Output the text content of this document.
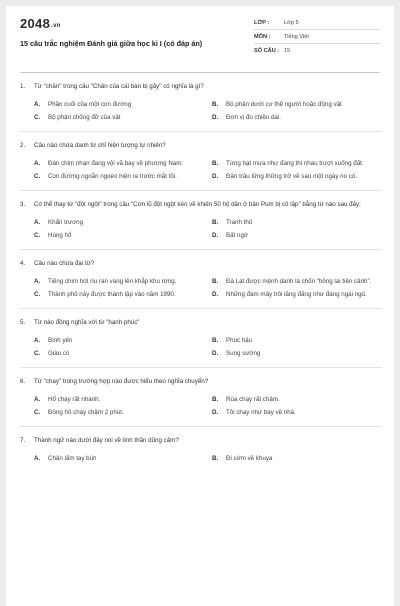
2048.vn
15 câu trắc nghiệm Đánh giá giữa học kì I (có đáp án)
LỚP :	Lớp 5
MÔN :	Tiếng Việt
SỐ CÂU : 15
1.	Từ "chân" trong câu "Chân của cái bàn bị gãy" có nghĩa là gì?
A.	Phần cuối của một con đường	B.	Bộ phận dưới cơ thể người hoặc động vật
C.	Bộ phận chống đỡ của vật	D.	Đơn vị đo chiều dài.
2.	Câu nào chứa danh từ chỉ hiện tượng tự nhiên?
A.	Đàn chim nhạn đang vội vã bay về phương Nam.	B.	Từng hạt mưa như đang thi nhau trượt xuống đất.
C.	Con đường ngoằn ngoèo hiện ra trước mắt tôi.	D.	Đàn trâu lững thững trở về sau một ngày no cỏ.
3.	Có thể thay từ "đột ngột" trong câu "Cơn lũ đột ngột kéo về khiến 50 hộ dân ở bản Pum bị cô lập" bằng từ nào sau đây:
A.	Khẩn trương	B.	Tranh thủ
C.	Hùng hổ	D.	Bất ngờ
4.	Câu nào chứa đại từ?
A.	Tiếng chim hót ríu ran vang lên khắp khu rừng.	B.	Đà Lạt được mệnh danh là chốn "bồng lai tiên cảnh".
C.	Thành phố này được thành lập vào năm 1990.	D.	Những đám mây trôi lãng đãng như đang ngái ngủ.
5.	Từ nào đồng nghĩa với từ "hạnh phúc"
A.	Bình yên	B.	Phúc hậu
C.	Giàu có	D.	Sung sướng
6.	Từ "chạy" trong trường hợp nào được hiểu theo nghĩa chuyển?
A.	Hổ chạy rất nhanh.	B.	Rùa chạy rất chậm.
C.	Đồng hồ chạy chậm 2 phút.	D.	Tôi chạy như bay về nhà.
7.	Thành ngữ nào dưới đây nói về tinh thần dũng cảm?
A.	Chân lấm tay bùn	B.	Đi sớm về khuya
